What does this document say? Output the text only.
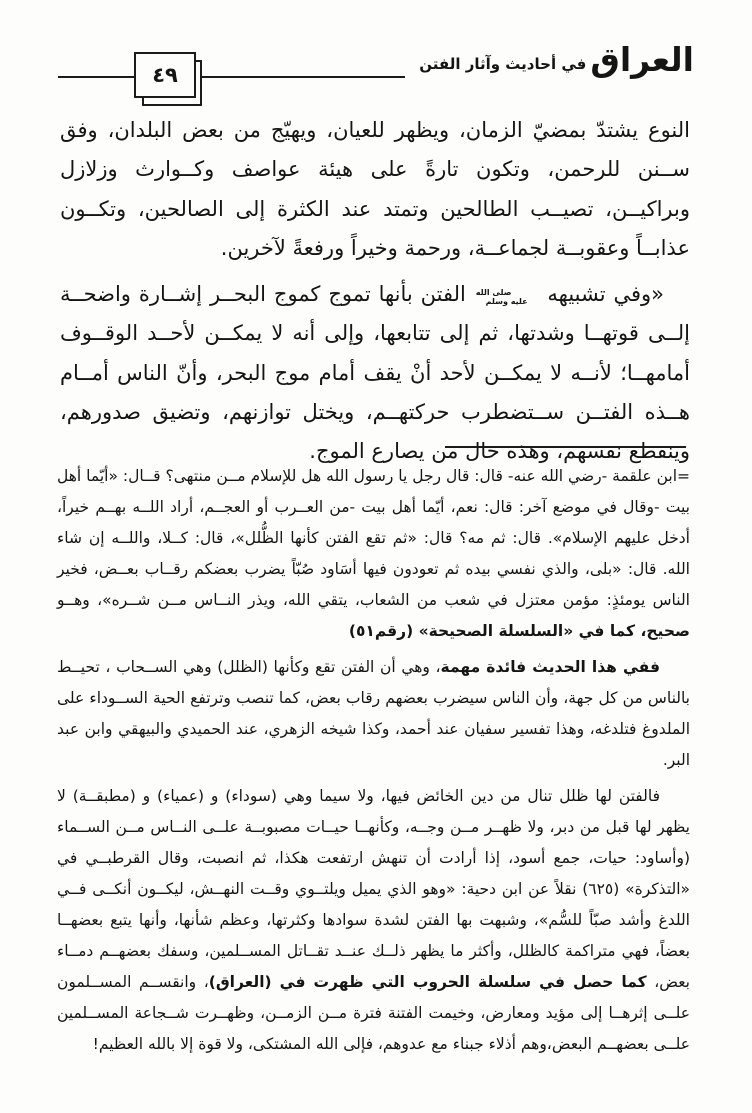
٤٩	العراق
في أحاديث وآثار الفتن

النوع يشتدّ بمضيّ الزمان، ويظهر للعيان، ويهيّج من بعض البلدان، وفق ســنن للرحمن، وتكون تارةً على هيئة عواصف وكــوارث وزلازل وبراكيــن، تصيــب الطالحين وتمتد عند الكثرة إلى الصالحين، وتكــون عذابــاً وعقوبــة لجماعــة، ورحمة وخيراً ورفعةً لآخرين.

«وفي تشبيهه صلى الله
عليه وسلم الفتن بأنها تموج كموج البحــر إشــارة واضحــة إلــى قوتهــا وشدتها، ثم إلى تتابعها، وإلى أنه لا يمكــن لأحــد الوقــوف أمامهــا؛ لأنــه لا يمكــن لأحد أنْ يقف أمام موج البحر، وأنّ الناس أمــام هــذه الفتــن ســتضطرب حركتهــم، ويختل توازنهم، وتضيق صدورهم، وينقطع نفسهم، وهذه حال من يصارع الموج.

=ابن علقمة -رضي الله عنه- قال: قال رجل يا رسول الله هل للإسلام مــن منتهى؟ قــال: «أيّما أهل بيت -وقال في موضع آخر: قال: نعم، أيّما أهل بيت -من العــرب أو العجــم، أراد اللــه بهــم خيراً، أدخل عليهم الإسلام». قال: ثم مه؟ قال: «ثم تقع الفتن كأنها الظُّلل»، قال: كــلا، واللــه إن شاء الله. قال: «بلى، والذي نفسي بيده ثم تعودون فيها أسَاود صُبّاً يضرب بعضكم رقــاب بعــض، فخير الناس يومئذٍ: مؤمن معتزل في شعب من الشعاب، يتقي الله، ويذر النــاس مــن شــره»، وهــو صحيح، كما في «السلسلة الصحيحة» (رقم٥١)

ففي هذا الحديث فائدة مهمة، وهي أن الفتن تقع وكأنها (الظلل) وهي الســحاب ، تحيــط بالناس من كل جهة، وأن الناس سيضرب بعضهم رقاب بعض، كما تنصب وترتفع الحية الســوداء على الملدوغ فتلدغه، وهذا تفسير سفيان عند أحمد، وكذا شيخه الزهري، عند الحميدي والبيهقي وابن عبد البر.

فالفتن لها ظلل تنال من دين الخائض فيها، ولا سيما وهي (سوداء) و (عمياء) و (مطبقــة) لا يظهر لها قبل من دبر، ولا ظهــر مــن وجــه، وكأنهــا حيــات مصبوبــة علــى النــاس مــن الســماء (وأساود: حيات، جمع أسود، إذا أرادت أن تنهش ارتفعت هكذا، ثم انصبت، وقال القرطبــي في «التذكرة» (٦٢٥) نقلاً عن ابن دحية: «وهو الذي يميل ويلتــوي وقــت النهــش، ليكــون أنكــى فــي اللدغ وأشد صبّاً للسُّم»، وشبهت بها الفتن لشدة سوادها وكثرتها، وعظم شأنها، وأنها يتبع بعضهــا بعضاً، فهي متراكمة كالظلل، وأكثر ما يظهر ذلــك عنــد تقــاتل المســلمين، وسفك بعضهــم دمــاء بعض، كما حصل في سلسلة الحروب التي ظهرت في (العراق)، وانقســم المســلمون علــى إثرهــا إلى مؤيد ومعارض، وخيمت الفتنة فترة مــن الزمــن، وظهــرت شــجاعة المســلمين علــى بعضهــم البعض،وهم أذلاء جبناء مع عدوهم، فإلى الله المشتكى، ولا قوة إلا بالله العظيم!
